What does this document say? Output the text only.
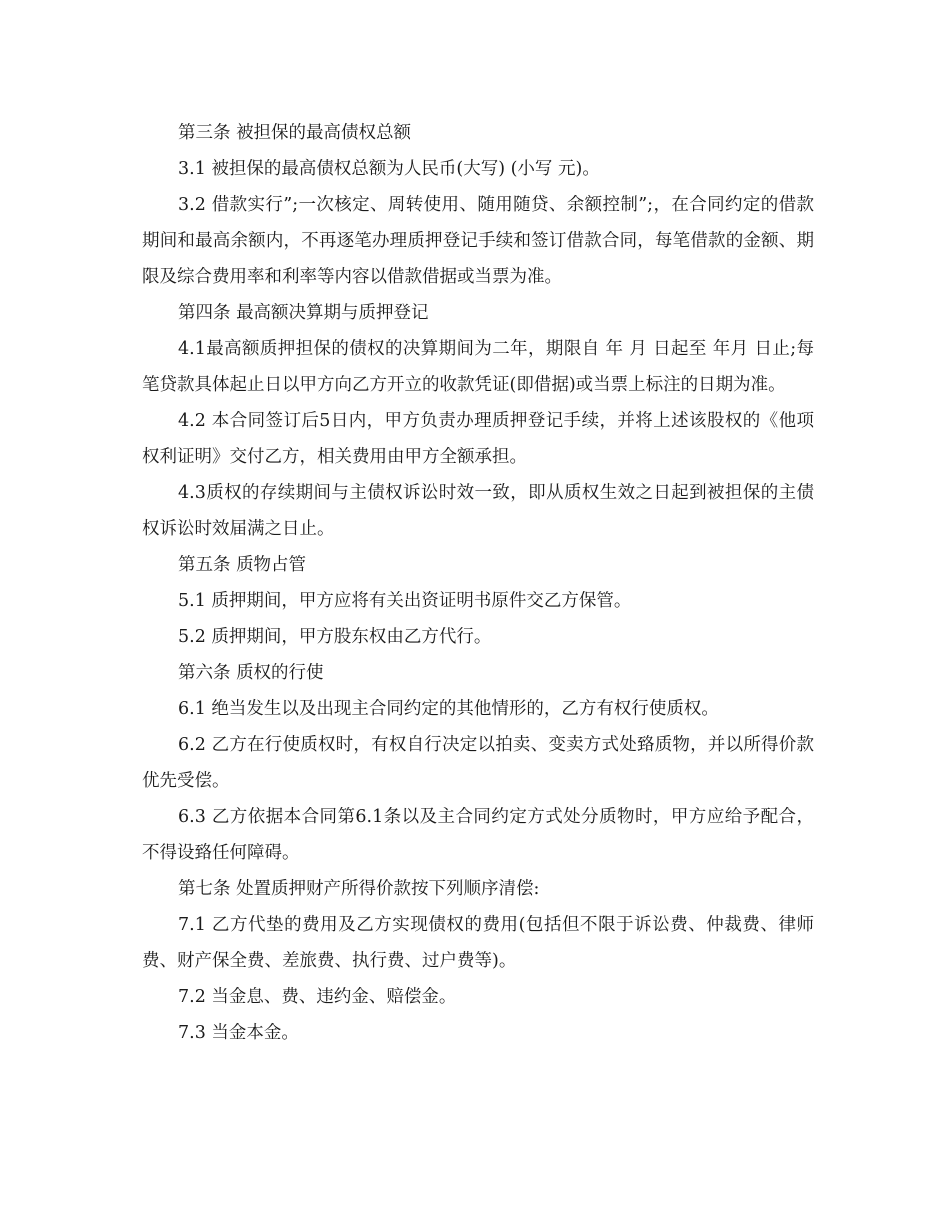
第三条 被担保的最高债权总额

3.1 被担保的最高债权总额为人民币(大写) (小写 元)。

3.2 借款实行”;一次核定、周转使用、随用随贷、余额控制”;，在合同约定的借款期间和最高余额内，不再逐笔办理质押登记手续和签订借款合同，每笔借款的金额、期限及综合费用率和利率等内容以借款借据或当票为准。

第四条 最高额决算期与质押登记

4.1最高额质押担保的债权的决算期间为二年，期限自 年 月 日起至 年月 日止;每笔贷款具体起止日以甲方向乙方开立的收款凭证(即借据)或当票上标注的日期为准。

4.2 本合同签订后5日内，甲方负责办理质押登记手续，并将上述该股权的《他项权利证明》交付乙方，相关费用由甲方全额承担。

4.3质权的存续期间与主债权诉讼时效一致，即从质权生效之日起到被担保的主债权诉讼时效届满之日止。

第五条 质物占管

5.1 质押期间，甲方应将有关出资证明书原件交乙方保管。

5.2 质押期间，甲方股东权由乙方代行。

第六条 质权的行使

6.1 绝当发生以及出现主合同约定的其他情形的，乙方有权行使质权。

6.2 乙方在行使质权时，有权自行决定以拍卖、变卖方式处臵质物，并以所得价款优先受偿。

6.3 乙方依据本合同第6.1条以及主合同约定方式处分质物时，甲方应给予配合，不得设臵任何障碍。

第七条 处置质押财产所得价款按下列顺序清偿:

7.1 乙方代垫的费用及乙方实现债权的费用(包括但不限于诉讼费、仲裁费、律师费、财产保全费、差旅费、执行费、过户费等)。

7.2 当金息、费、违约金、赔偿金。

7.3 当金本金。
